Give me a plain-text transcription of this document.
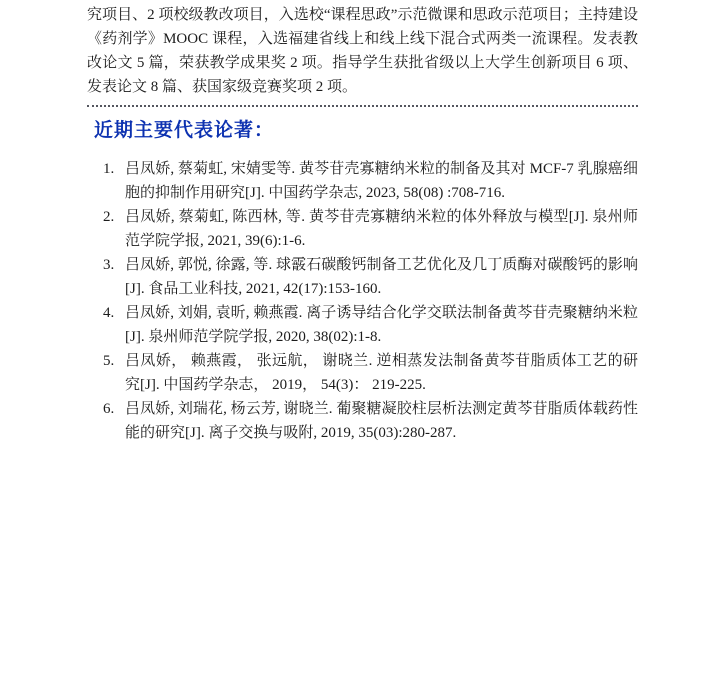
究项目、2 项校级教改项目，入选校“课程思政”示范微课和思政示范项目；主持建设《药剂学》MOOC 课程，入选福建省线上和线上线下混合式两类一流课程。发表教改论文 5 篇，荣获教学成果奖 2 项。指导学生获批省级以上大学生创新项目 6 项、发表论文 8 篇、获国家级竞赛奖项 2 项。

近期主要代表论著：
1. 吕凤娇, 蔡菊虹, 宋婧雯等. 黄芩苷壳寡糖纳米粒的制备及其对 MCF-7 乳腺癌细胞的抑制作用研究[J]. 中国药学杂志, 2023, 58(08) :708-716.
2. 吕凤娇, 蔡菊虹, 陈西林, 等. 黄芩苷壳寡糖纳米粒的体外释放与模型[J]. 泉州师范学院学报, 2021, 39(6):1-6.
3. 吕凤娇, 郭悦, 徐露, 等. 球霰石碳酸钙制备工艺优化及几丁质酶对碳酸钙的影响[J]. 食品工业科技, 2021, 42(17):153-160.
4. 吕凤娇, 刘娟, 袁昕, 赖燕霞. 离子诱导结合化学交联法制备黄芩苷壳聚糖纳米粒[J]. 泉州师范学院学报, 2020, 38(02):1-8.
5. 吕凤娇， 赖燕霞， 张远航， 谢晓兰. 逆相蒸发法制备黄芩苷脂质体工艺的研究[J]. 中国药学杂志， 2019， 54(3)： 219-225.
6. 吕凤娇, 刘瑞花, 杨云芳, 谢晓兰. 葡聚糖凝胶柱层析法测定黄芩苷脂质体载药性能的研究[J]. 离子交换与吸附, 2019, 35(03):280-287.
